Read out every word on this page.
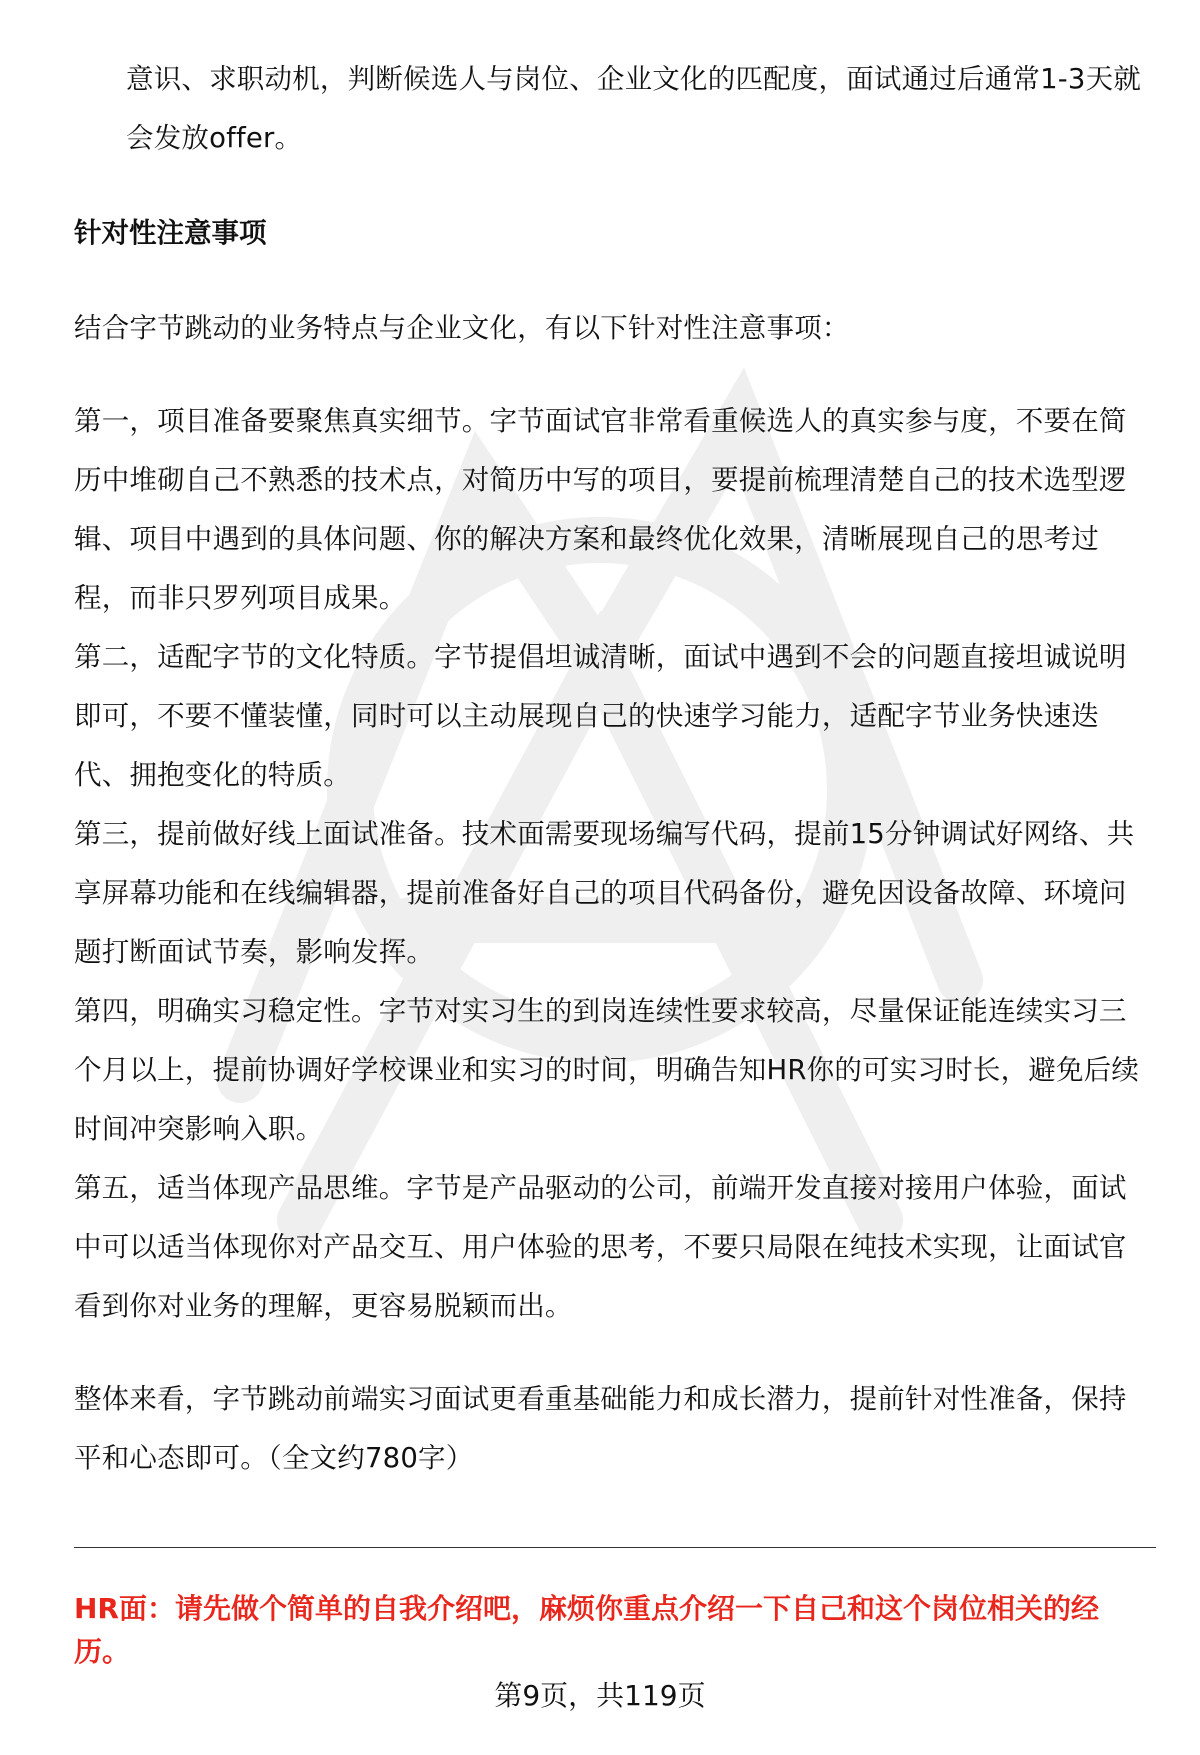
意识、求职动机，判断候选人与岗位、企业文化的匹配度，面试通过后通常1-3天就会发放offer。

针对性注意事项

结合字节跳动的业务特点与企业文化，有以下针对性注意事项：

第一，项目准备要聚焦真实细节。字节面试官非常看重候选人的真实参与度，不要在简历中堆砌自己不熟悉的技术点，对简历中写的项目，要提前梳理清楚自己的技术选型逻辑、项目中遇到的具体问题、你的解决方案和最终优化效果，清晰展现自己的思考过程，而非只罗列项目成果。

第二，适配字节的文化特质。字节提倡坦诚清晰，面试中遇到不会的问题直接坦诚说明即可，不要不懂装懂，同时可以主动展现自己的快速学习能力，适配字节业务快速迭代、拥抱变化的特质。

第三，提前做好线上面试准备。技术面需要现场编写代码，提前15分钟调试好网络、共享屏幕功能和在线编辑器，提前准备好自己的项目代码备份，避免因设备故障、环境问题打断面试节奏，影响发挥。

第四，明确实习稳定性。字节对实习生的到岗连续性要求较高，尽量保证能连续实习三个月以上，提前协调好学校课业和实习的时间，明确告知HR你的可实习时长，避免后续时间冲突影响入职。

第五，适当体现产品思维。字节是产品驱动的公司，前端开发直接对接用户体验，面试中可以适当体现你对产品交互、用户体验的思考，不要只局限在纯技术实现，让面试官看到你对业务的理解，更容易脱颖而出。

整体来看，字节跳动前端实习面试更看重基础能力和成长潜力，提前针对性准备，保持平和心态即可。（全文约780字）

HR面：请先做个简单的自我介绍吧，麻烦你重点介绍一下自己和这个岗位相关的经历。

第9页，共119页
